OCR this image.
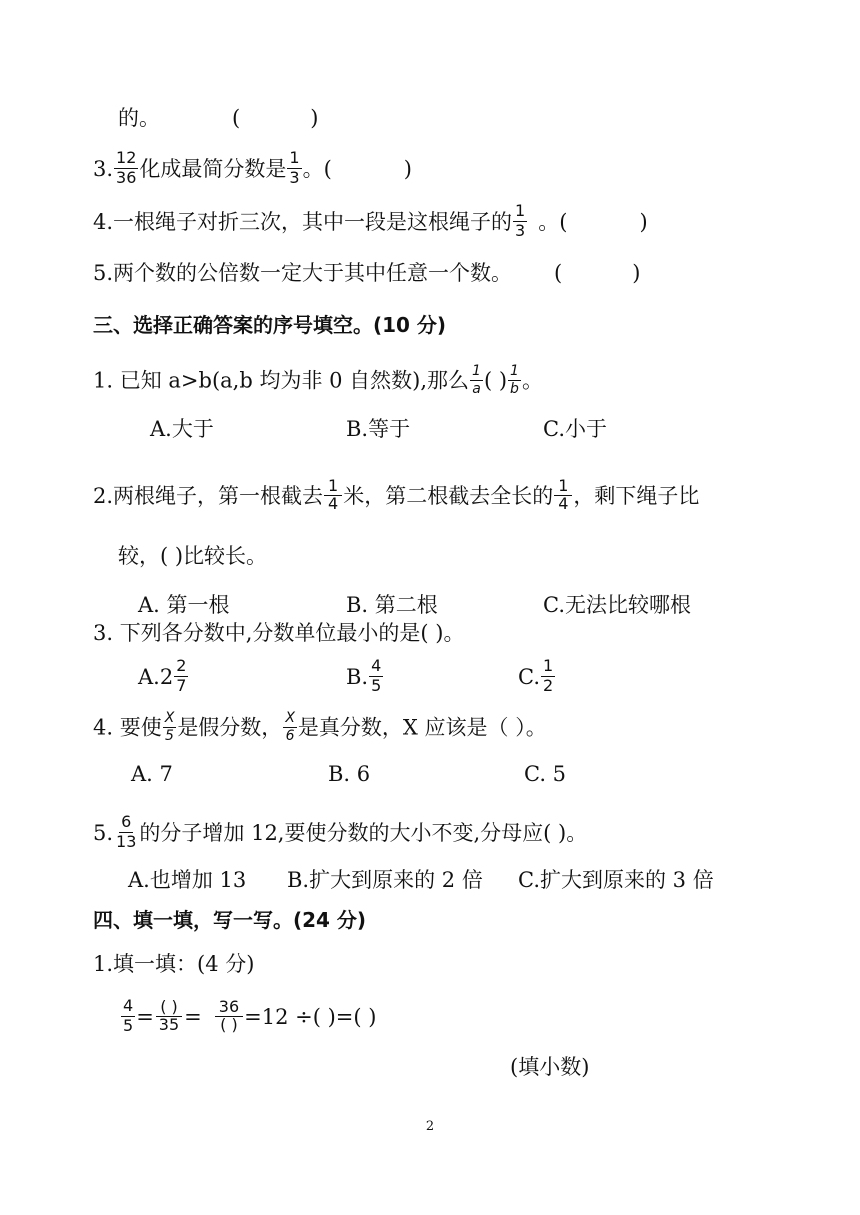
的。	(	)
3. $\frac{12}{36}$ 化成最简分数是 $\frac{1}{3}$ 。(	)
4.一根绳子对折三次，其中一段是这根绳子的 $\frac{1}{3}$ 。(	)
5.两个数的公倍数一定大于其中任意一个数。 (	)
三、选择正确答案的序号填空。(10 分)
1. 已知 a>b(a,b 均为非 0 自然数),那么 $\frac{1}{a}$ ( ) $\frac{1}{b}$ 。
A.大于	B.等于	C.小于
2.两根绳子，第一根截去 $\frac{1}{4}$ 米，第二根截去全长的 $\frac{1}{4}$ ，剩下绳子比
较，( )比较长。
A. 第一根	B. 第二根	C.无法比较哪根
3. 下列各分数中,分数单位最小的是( )。
$A.2 \frac{2}{7}$	B. $\frac{4}{5}$	C. $\frac{1}{2}$
4. 要使 $\frac{X}{5}$ 是假分数， $\frac{X}{6}$ 是真分数，X 应该是（ ）。
A. 7	B. 6	C. 5
5. $\frac{6}{13}$ 的分子增加 12,要使分数的大小不变,分母应( )。
A.也增加 13 B.扩大到原来的 2 倍 C.扩大到原来的 3 倍
四、填一填，写一写。(24 分)
1.填一填：(4 分)
$\frac{4}{5} = \frac{( )}{35} = \frac{36}{( )} =12$ ÷( )=( )
(填小数)
2
